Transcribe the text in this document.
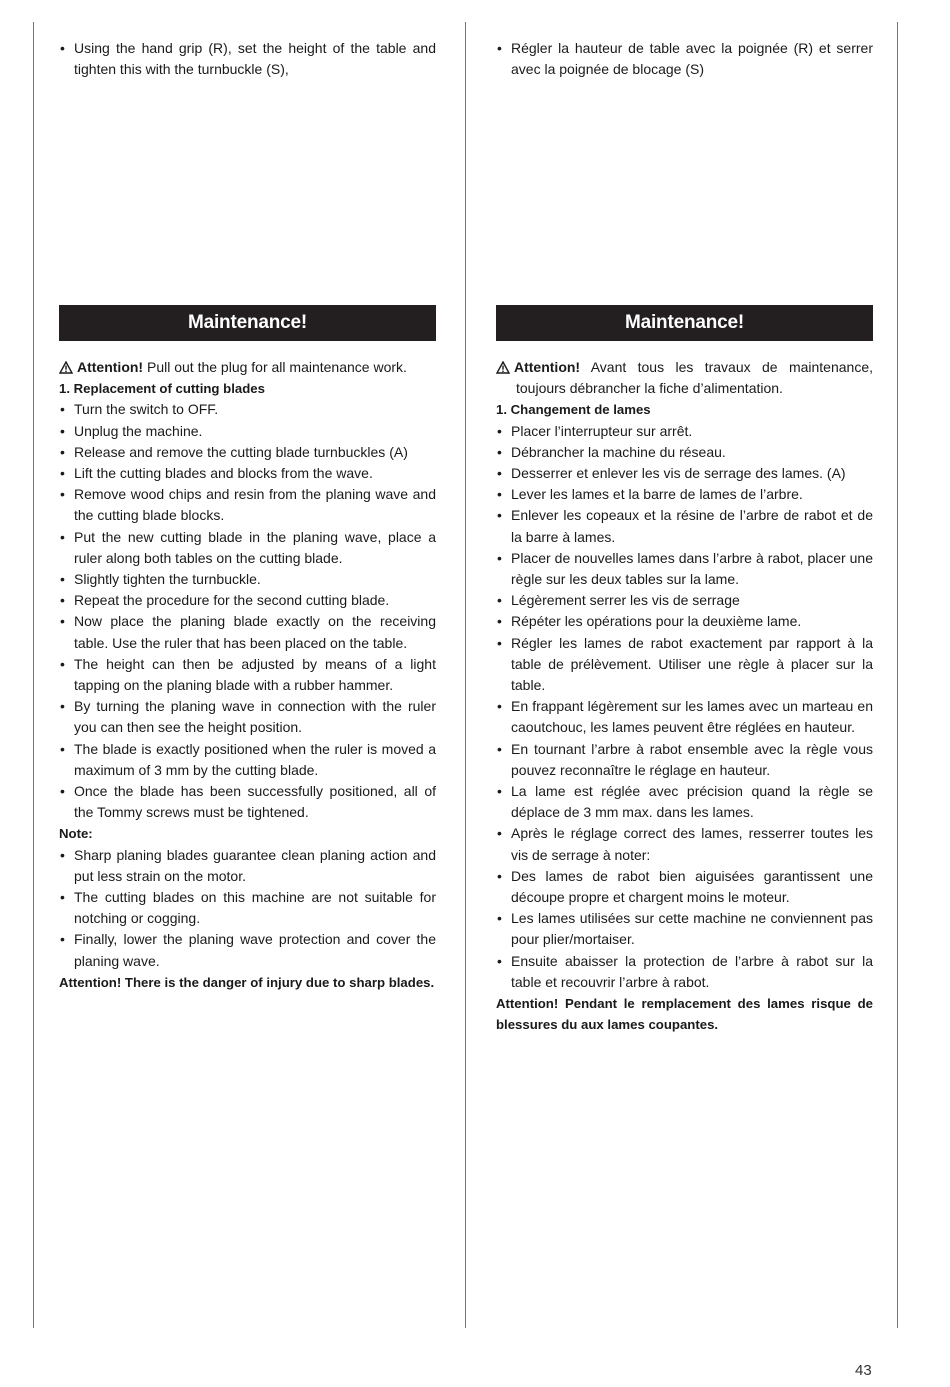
• Using the hand grip (R), set the height of the table and tighten this with the turnbuckle (S),
Maintenance!
Attention! Pull out the plug for all maintenance work.
1. Replacement of cutting blades
• Turn the switch to OFF.
• Unplug the machine.
• Release and remove the cutting blade turnbuckles (A)
• Lift the cutting blades and blocks from the wave.
• Remove wood chips and resin from the planing wave and the cutting blade blocks.
• Put the new cutting blade in the planing wave, place a ruler along both tables on the cutting blade.
• Slightly tighten the turnbuckle.
• Repeat the procedure for the second cutting blade.
• Now place the planing blade exactly on the receiving table. Use the ruler that has been placed on the table.
• The height can then be adjusted by means of a light tapping on the planing blade with a rubber hammer.
• By turning the planing wave in connection with the ruler you can then see the height position.
• The blade is exactly positioned when the ruler is moved a maximum of 3 mm by the cutting blade.
• Once the blade has been successfully positioned, all of the Tommy screws must be tightened.
Note:
• Sharp planing blades guarantee clean planing action and put less strain on the motor.
• The cutting blades on this machine are not suitable for notching or cogging.
• Finally, lower the planing wave protection and cover the planing wave.
Attention! There is the danger of injury due to sharp blades.
• Régler la hauteur de table avec la poignée (R) et serrer avec la poignée de blocage (S)
Maintenance!
Attention! Avant tous les travaux de maintenance,
toujours débrancher la fiche d’alimentation.
1. Changement de lames
• Placer l’interrupteur sur arrêt.
• Débrancher la machine du réseau.
• Desserrer et enlever les vis de serrage des lames. (A)
• Lever les lames et la barre de lames de l’arbre.
• Enlever les copeaux et la résine de l’arbre de rabot et de la barre à lames.
• Placer de nouvelles lames dans l’arbre à rabot, placer une règle sur les deux tables sur la lame.
• Légèrement serrer les vis de serrage
• Répéter les opérations pour la deuxième lame.
• Régler les lames de rabot exactement par rapport à la table de prélèvement. Utiliser une règle à placer sur la table.
• En frappant légèrement sur les lames avec un marteau en caoutchouc, les lames peuvent être réglées en hauteur.
• En tournant l’arbre à rabot ensemble avec la règle vous pouvez reconnaître le réglage en hauteur.
• La lame est réglée avec précision quand la règle se déplace de 3 mm max. dans les lames.
• Après le réglage correct des lames, resserrer toutes les vis de serrage à noter:
• Des lames de rabot bien aiguisées garantissent une découpe propre et chargent moins le moteur.
• Les lames utilisées sur cette machine ne conviennent pas pour plier/mortaiser.
• Ensuite abaisser la protection de l’arbre à rabot sur la table et recouvrir l’arbre à rabot.
Attention! Pendant le remplacement des lames risque de blessures du aux lames coupantes.
43
